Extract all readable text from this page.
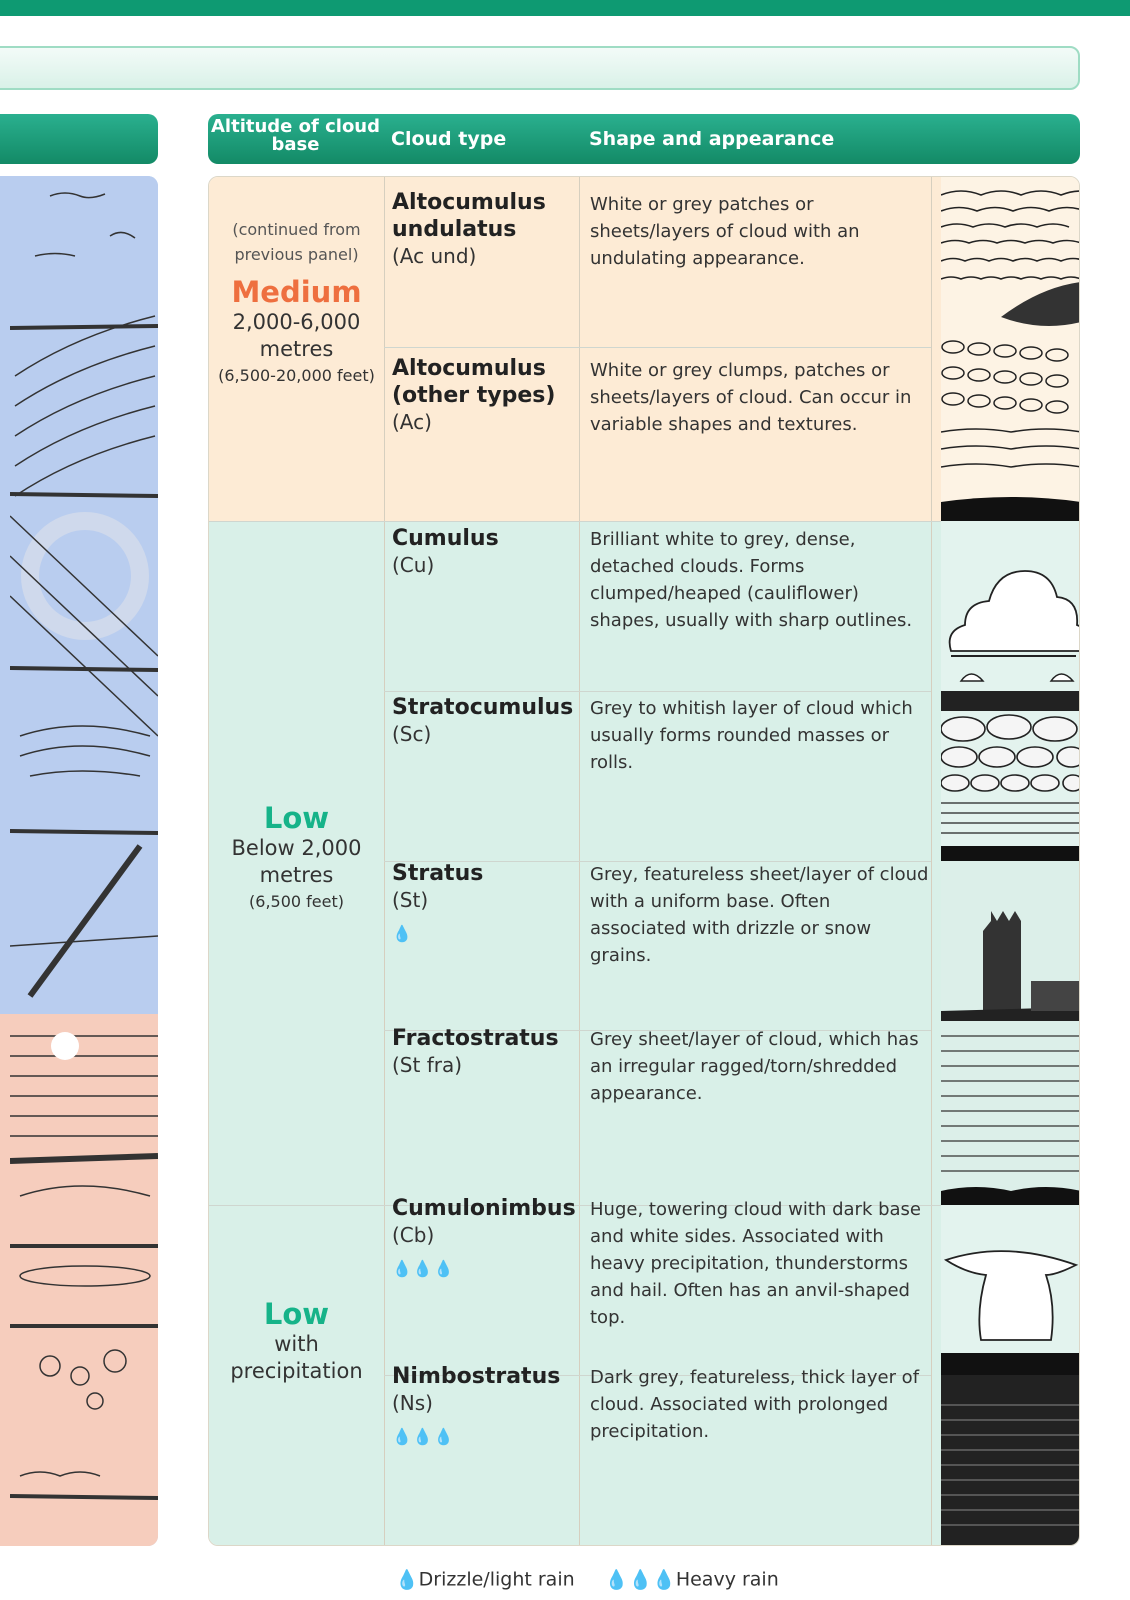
Altitude of cloud base	Cloud type	Shape and appearance
(continued from previous panel)
Medium
2,000-6,000 metres
(6,500-20,000 feet)
Low
Below 2,000 metres
(6,500 feet)
Low
with
precipitation
Altocumulus undulatus
(Ac und)
White or grey patches or sheets/layers of cloud with an undulating appearance.
Altocumulus (other types)
(Ac)
White or grey clumps, patches or sheets/layers of cloud. Can occur in variable shapes and textures.
Cumulus
(Cu)
Brilliant white to grey, dense, detached clouds. Forms clumped/heaped (cauliflower) shapes, usually with sharp outlines.
Stratocumulus
(Sc)
Grey to whitish layer of cloud which usually forms rounded masses or rolls.
Stratus
(St)
💧
Grey, featureless sheet/layer of cloud with a uniform base. Often associated with drizzle or snow grains.
Fractostratus
(St fra)
Grey sheet/layer of cloud, which has an irregular ragged/torn/shredded appearance.
Cumulonimbus
(Cb)
💧💧💧
Huge, towering cloud with dark base and white sides. Associated with heavy precipitation, thunderstorms and hail. Often has an anvil-shaped top.
Nimbostratus
(Ns)
💧💧💧
Dark grey, featureless, thick layer of cloud. Associated with prolonged precipitation.
💧Drizzle/light rain 💧💧💧Heavy rain
